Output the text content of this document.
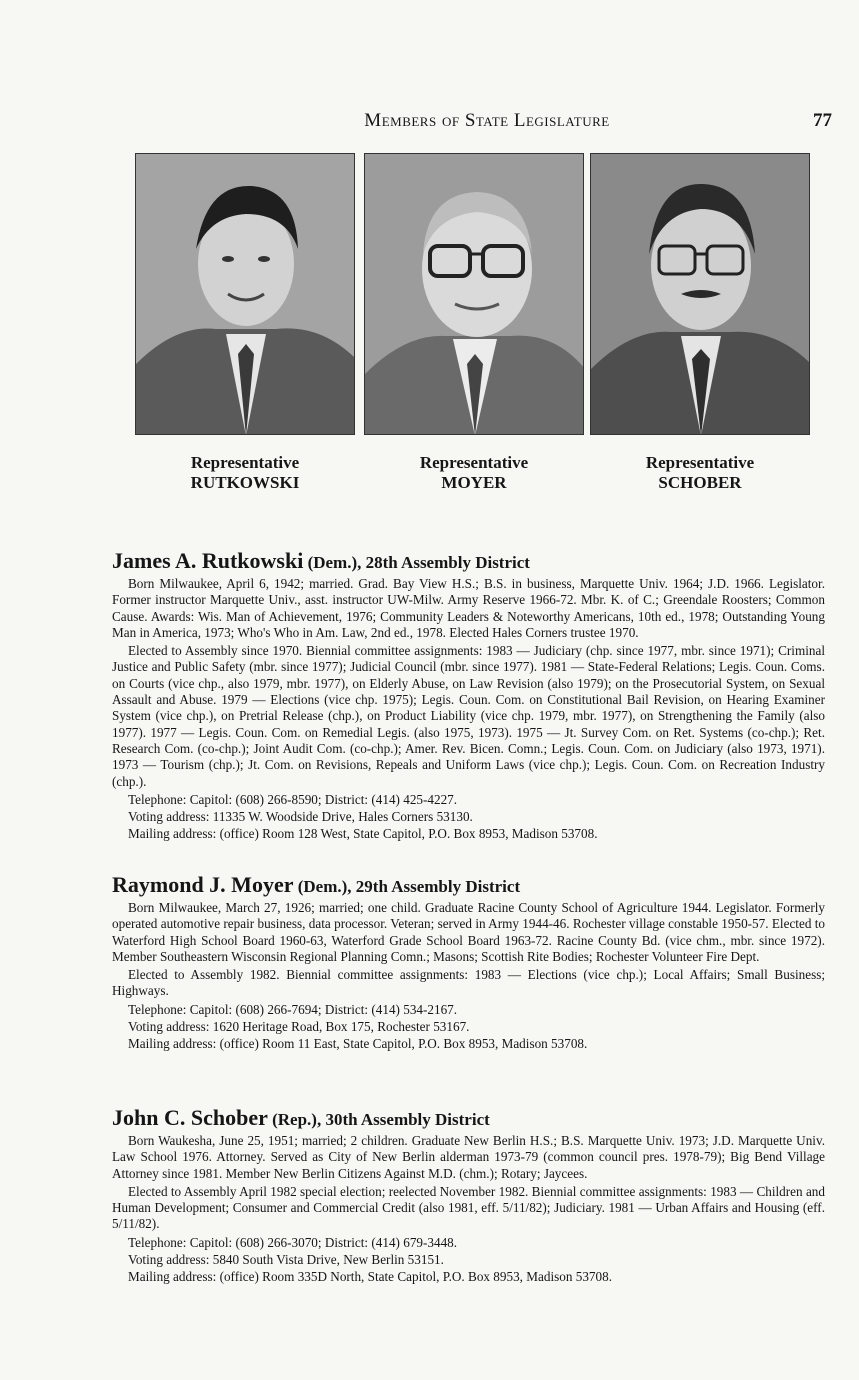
Members of State Legislature	77
Representative
RUTKOWSKI
Representative
MOYER
Representative
SCHOBER
James A. Rutkowski (Dem.), 28th Assembly District

Born Milwaukee, April 6, 1942; married. Grad. Bay View H.S.; B.S. in business, Marquette Univ. 1964; J.D. 1966. Legislator. Former instructor Marquette Univ., asst. instructor UW-Milw. Army Reserve 1966-72. Mbr. K. of C.; Greendale Roosters; Common Cause. Awards: Wis. Man of Achievement, 1976; Community Leaders & Noteworthy Americans, 10th ed., 1978; Outstanding Young Man in America, 1973; Who's Who in Am. Law, 2nd ed., 1978. Elected Hales Corners trustee 1970.

Elected to Assembly since 1970. Biennial committee assignments: 1983 — Judiciary (chp. since 1977, mbr. since 1971); Criminal Justice and Public Safety (mbr. since 1977); Judicial Council (mbr. since 1977). 1981 — State-Federal Relations; Legis. Coun. Coms. on Courts (vice chp., also 1979, mbr. 1977), on Elderly Abuse, on Law Revision (also 1979); on the Prosecutorial System, on Sexual Assault and Abuse. 1979 — Elections (vice chp. 1975); Legis. Coun. Com. on Constitutional Bail Revision, on Hearing Examiner System (vice chp.), on Pretrial Release (chp.), on Product Liability (vice chp. 1979, mbr. 1977), on Strengthening the Family (also 1977). 1977 — Legis. Coun. Com. on Remedial Legis. (also 1975, 1973). 1975 — Jt. Survey Com. on Ret. Systems (co-chp.); Ret. Research Com. (co-chp.); Joint Audit Com. (co-chp.); Amer. Rev. Bicen. Comn.; Legis. Coun. Com. on Judiciary (also 1973, 1971). 1973 — Tourism (chp.); Jt. Com. on Revisions, Repeals and Uniform Laws (vice chp.); Legis. Coun. Com. on Recreation Industry (chp.).

Telephone: Capitol: (608) 266-8590; District: (414) 425-4227.

Voting address: 11335 W. Woodside Drive, Hales Corners 53130.

Mailing address: (office) Room 128 West, State Capitol, P.O. Box 8953, Madison 53708.

Raymond J. Moyer (Dem.), 29th Assembly District

Born Milwaukee, March 27, 1926; married; one child. Graduate Racine County School of Agriculture 1944. Legislator. Formerly operated automotive repair business, data processor. Veteran; served in Army 1944-46. Rochester village constable 1950-57. Elected to Waterford High School Board 1960-63, Waterford Grade School Board 1963-72. Racine County Bd. (vice chm., mbr. since 1972). Member Southeastern Wisconsin Regional Planning Comn.; Masons; Scottish Rite Bodies; Rochester Volunteer Fire Dept.

Elected to Assembly 1982. Biennial committee assignments: 1983 — Elections (vice chp.); Local Affairs; Small Business; Highways.

Telephone: Capitol: (608) 266-7694; District: (414) 534-2167.

Voting address: 1620 Heritage Road, Box 175, Rochester 53167.

Mailing address: (office) Room 11 East, State Capitol, P.O. Box 8953, Madison 53708.

John C. Schober (Rep.), 30th Assembly District

Born Waukesha, June 25, 1951; married; 2 children. Graduate New Berlin H.S.; B.S. Marquette Univ. 1973; J.D. Marquette Univ. Law School 1976. Attorney. Served as City of New Berlin alderman 1973-79 (common council pres. 1978-79); Big Bend Village Attorney since 1981. Member New Berlin Citizens Against M.D. (chm.); Rotary; Jaycees.

Elected to Assembly April 1982 special election; reelected November 1982. Biennial committee assignments: 1983 — Children and Human Development; Consumer and Commercial Credit (also 1981, eff. 5/11/82); Judiciary. 1981 — Urban Affairs and Housing (eff. 5/11/82).

Telephone: Capitol: (608) 266-3070; District: (414) 679-3448.

Voting address: 5840 South Vista Drive, New Berlin 53151.

Mailing address: (office) Room 335D North, State Capitol, P.O. Box 8953, Madison 53708.
